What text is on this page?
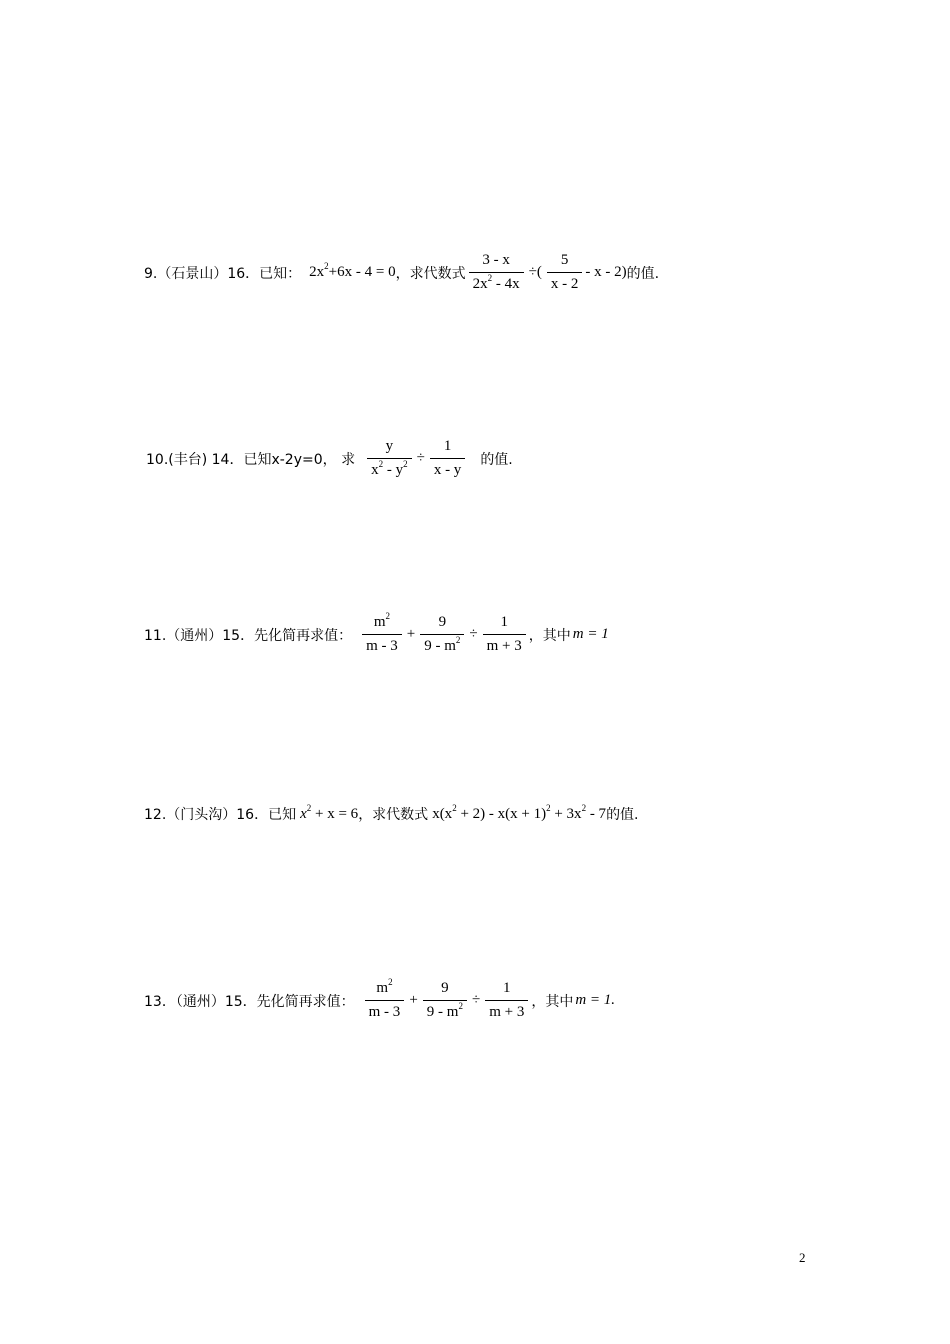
9.（石景山）16．已知： $2x^2+6x - 4 = 0$ ，求代数式 $\frac{3 - x}{2x^2 - 4x}$ ÷( $\frac{5}{x - 2}$ - x - 2) 的值.
10.(丰台) 14．已知x-2y=0， 求 $\frac{y}{x^2 - y^2} \div \frac{1}{x - y}$ 的值.
11.（通州）15．先化简再求值： $\frac{m^2}{m - 3} + \frac{9}{9 - m^2} \div \frac{1}{m + 3}$ ，其中 m = 1
12.（门头沟）16．已知 $x^2 + x = 6$ ，求代数式 $x(x^2 + 2) - x(x + 1)^2 + 3x^2 - 7$ 的值.
13．（通州）15．先化简再求值： $\frac{m^2}{m - 3} + \frac{9}{9 - m^2} \div \frac{1}{m + 3}$ ，其中 m = 1.
2
